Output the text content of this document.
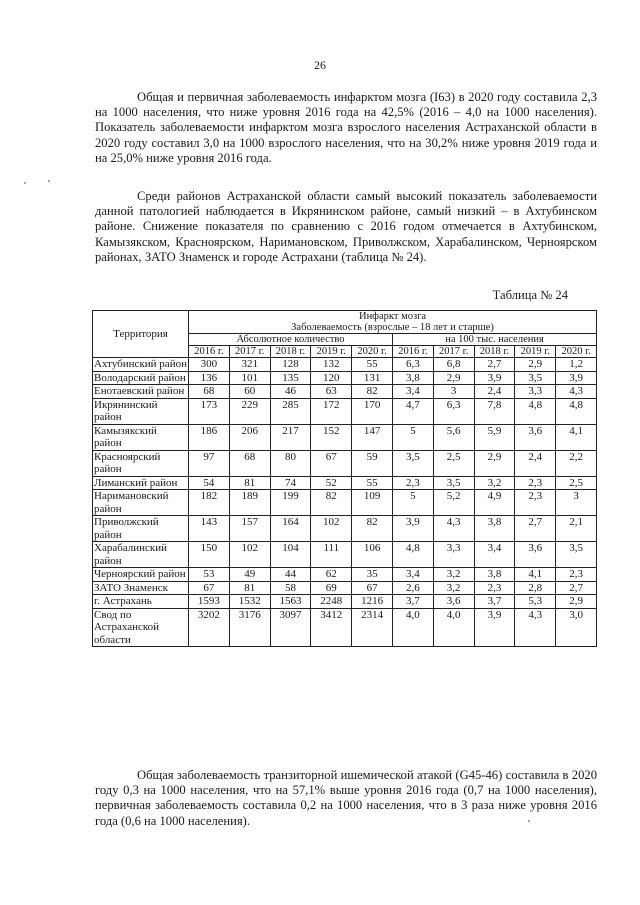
26

Общая и первичная заболеваемость инфарктом мозга (I63) в 2020 году составила 2,3 на 1000 населения, что ниже уровня 2016 года на 42,5% (2016 – 4,0 на 1000 населения). Показатель заболеваемости инфарктом мозга взрослого населения Астраханской области в 2020 году составил 3,0 на 1000 взрослого населения, что на 30,2% ниже уровня 2019 года и на 25,0% ниже уровня 2016 года.

Среди районов Астраханской области самый высокий показатель заболеваемости данной патологией наблюдается в Икрянинском районе, самый низкий – в Ахтубинском районе. Снижение показателя по сравнению с 2016 годом отмечается в Ахтубинском, Камызякском, Красноярском, Наримановском, Приволжском, Харабалинском, Черноярском районах, ЗАТО Знаменск и городе Астрахани (таблица № 24).

Таблица № 24
Территория	Инфаркт мозга
Заболеваемость (взрослые – 18 лет и старше)									

	Абсолютное количество					на 100 тыс. населения				
	2016 г.	2017 г.	2018 г.	2019 г.	2020 г.	2016 г.	2017 г.	2018 г.	2019 г.	2020 г.
Ахтубинский район	300	321	128	132	55	6,3	6,8	2,7	2,9	1,2
Володарский район	136	101	135	120	131	3,8	2,9	3,9	3,5	3,9
Енотаевский район	68	60	46	63	82	3,4	3	2,4	3,3	4,3
Икрянинский район	173	229	285	172	170	4,7	6,3	7,8	4,8	4,8
Камызякский район	186	206	217	152	147	5	5,6	5,9	3,6	4,1
Красноярский район	97	68	80	67	59	3,5	2,5	2,9	2,4	2,2
Лиманский район	54	81	74	52	55	2,3	3,5	3,2	2,3	2,5
Наримановский район	182	189	199	82	109	5	5,2	4,9	2,3	3
Приволжский район	143	157	164	102	82	3,9	4,3	3,8	2,7	2,1
Харабалинский район	150	102	104	111	106	4,8	3,3	3,4	3,6	3,5
Черноярский район	53	49	44	62	35	3,4	3,2	3,8	4,1	2,3
ЗАТО Знаменск	67	81	58	69	67	2,6	3,2	2,3	2,8	2,7
г. Астрахань	1593	1532	1563	2248	1216	3,7	3,6	3,7	5,3	2,9
Свод по Астраханской области	3202	3176	3097	3412	2314	4,0	4,0	3,9	4,3	3,0

Общая заболеваемость транзиторной ишемической атакой (G45-46) составила в 2020 году 0,3 на 1000 населения, что на 57,1% выше уровня 2016 года (0,7 на 1000 населения), первичная заболеваемость составила 0,2 на 1000 населения, что в 3 раза ниже уровня 2016 года (0,6 на 1000 населения).
